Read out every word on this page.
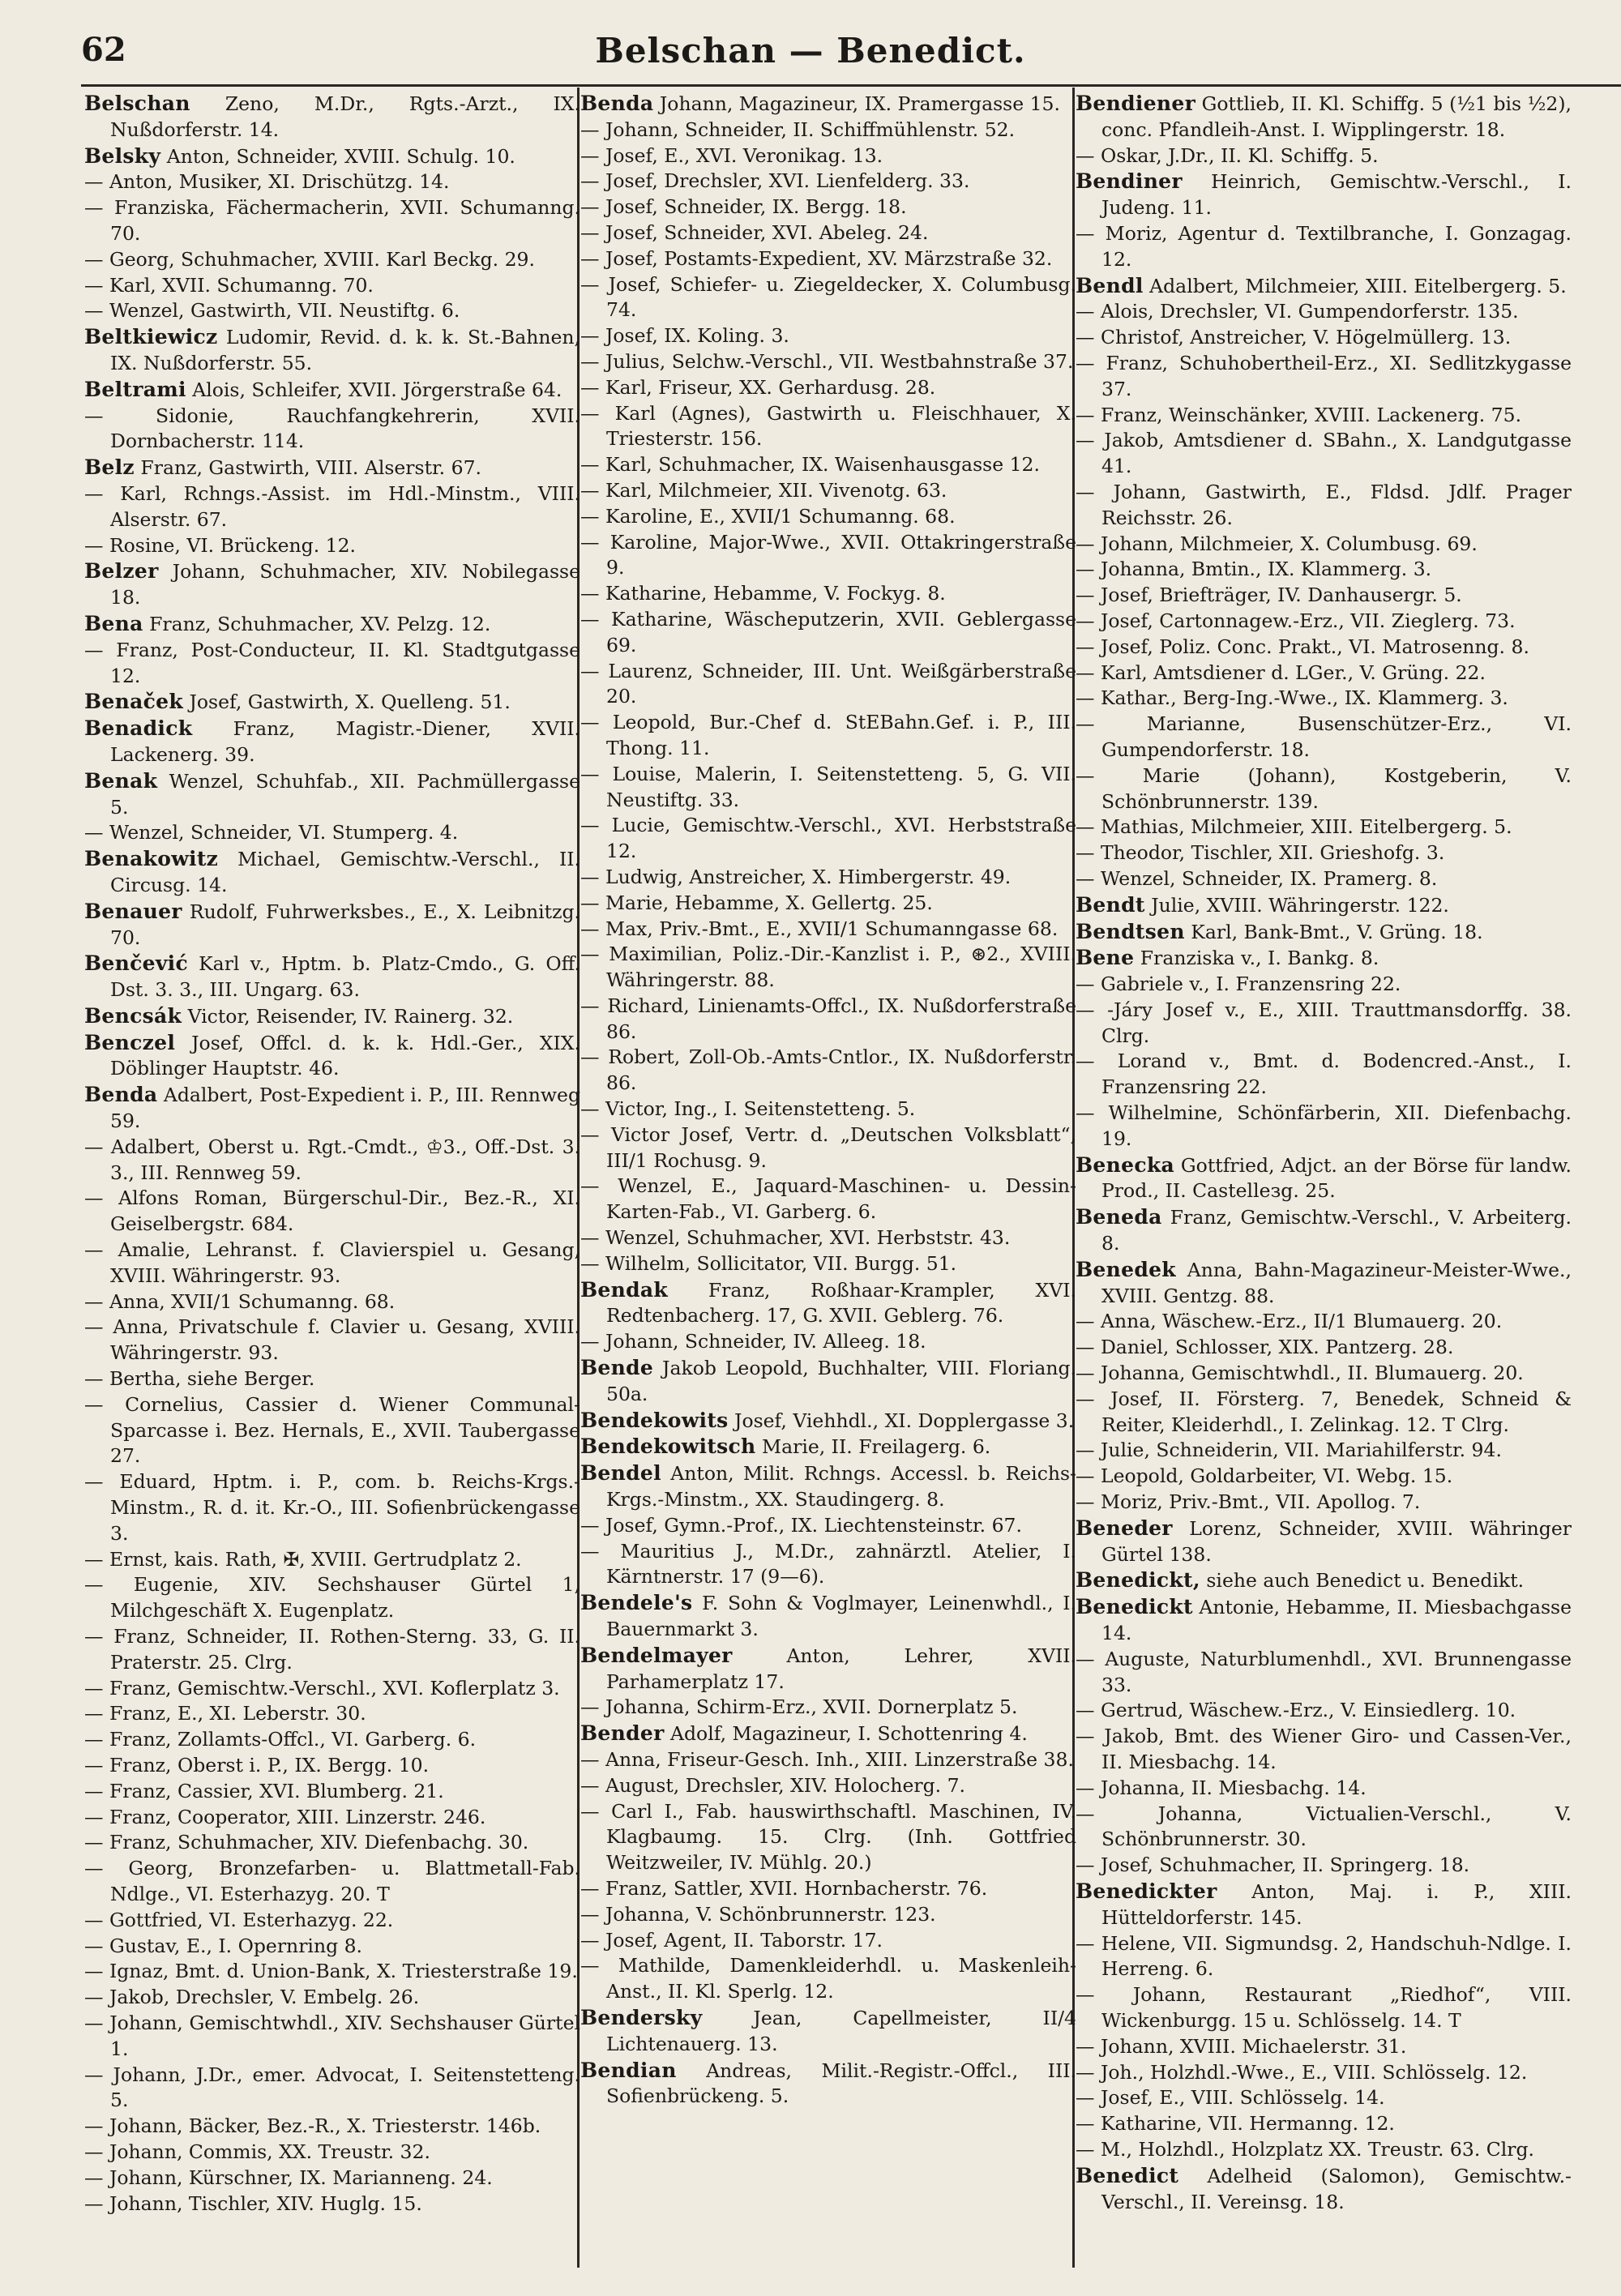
62	Belschan — Benedict.

Belschan Zeno, M.Dr., Rgts.-Arzt., IX. Nußdorferstr. 14.

Belsky Anton, Schneider, XVIII. Schulg. 10.

— Anton, Musiker, XI. Drischützg. 14.

— Franziska, Fächermacherin, XVII. Schumanng. 70.

— Georg, Schuhmacher, XVIII. Karl Beckg. 29.

— Karl, XVII. Schumanng. 70.

— Wenzel, Gastwirth, VII. Neustiftg. 6.

Beltkiewicz Ludomir, Revid. d. k. k. St.-Bahnen, IX. Nußdorferstr. 55.

Beltrami Alois, Schleifer, XVII. Jörgerstraße 64.

— Sidonie, Rauchfangkehrerin, XVII. Dornbacherstr. 114.

Belz Franz, Gastwirth, VIII. Alserstr. 67.

— Karl, Rchngs.-Assist. im Hdl.-Minstm., VIII. Alserstr. 67.

— Rosine, VI. Brückeng. 12.

Belzer Johann, Schuhmacher, XIV. Nobilegasse 18.

Bena Franz, Schuhmacher, XV. Pelzg. 12.

— Franz, Post-Conducteur, II. Kl. Stadtgutgasse 12.

Benaček Josef, Gastwirth, X. Quelleng. 51.

Benadick Franz, Magistr.-Diener, XVII. Lackenerg. 39.

Benak Wenzel, Schuhfab., XII. Pachmüllergasse 5.

— Wenzel, Schneider, VI. Stumperg. 4.

Benakowitz Michael, Gemischtw.-Verschl., II. Circusg. 14.

Benauer Rudolf, Fuhrwerksbes., E., X. Leibnitzg. 70.

Benčević Karl v., Hptm. b. Platz-Cmdo., G. Off. Dst. 3. 3., III. Ungarg. 63.

Bencsák Victor, Reisender, IV. Rainerg. 32.

Benczel Josef, Offcl. d. k. k. Hdl.-Ger., XIX. Döblinger Hauptstr. 46.

Benda Adalbert, Post-Expedient i. P., III. Rennweg 59.

— Adalbert, Oberst u. Rgt.-Cmdt., ♔3., Off.-Dst. 3. 3., III. Rennweg 59.

— Alfons Roman, Bürgerschul-Dir., Bez.-R., XI. Geiselbergstr. 684.

— Amalie, Lehranst. f. Clavierspiel u. Gesang, XVIII. Währingerstr. 93.

— Anna, XVII/1 Schumanng. 68.

— Anna, Privatschule f. Clavier u. Gesang, XVIII. Währingerstr. 93.

— Bertha, siehe Berger.

— Cornelius, Cassier d. Wiener Communal-Sparcasse i. Bez. Hernals, E., XVII. Taubergasse 27.

— Eduard, Hptm. i. P., com. b. Reichs-Krgs.-Minstm., R. d. it. Kr.-O., III. Sofienbrückengasse 3.

— Ernst, kais. Rath, ✠, XVIII. Gertrudplatz 2.

— Eugenie, XIV. Sechshauser Gürtel 1, Milchgeschäft X. Eugenplatz.

— Franz, Schneider, II. Rothen-Sterng. 33, G. II. Praterstr. 25. Clrg.

— Franz, Gemischtw.-Verschl., XVI. Koflerplatz 3.

— Franz, E., XI. Leberstr. 30.

— Franz, Zollamts-Offcl., VI. Garberg. 6.

— Franz, Oberst i. P., IX. Bergg. 10.

— Franz, Cassier, XVI. Blumberg. 21.

— Franz, Cooperator, XIII. Linzerstr. 246.

— Franz, Schuhmacher, XIV. Diefenbachg. 30.

— Georg, Bronzefarben- u. Blattmetall-Fab. Ndlge., VI. Esterhazyg. 20. T

— Gottfried, VI. Esterhazyg. 22.

— Gustav, E., I. Opernring 8.

— Ignaz, Bmt. d. Union-Bank, X. Triesterstraße 19.

— Jakob, Drechsler, V. Embelg. 26.

— Johann, Gemischtwhdl., XIV. Sechshauser Gürtel 1.

— Johann, J.Dr., emer. Advocat, I. Seitenstetteng. 5.

— Johann, Bäcker, Bez.-R., X. Triesterstr. 146b.

— Johann, Commis, XX. Treustr. 32.

— Johann, Kürschner, IX. Marianneng. 24.

— Johann, Tischler, XIV. Huglg. 15.

Benda Johann, Magazineur, IX. Pramergasse 15.

— Johann, Schneider, II. Schiffmühlenstr. 52.

— Josef, E., XVI. Veronikag. 13.

— Josef, Drechsler, XVI. Lienfelderg. 33.

— Josef, Schneider, IX. Bergg. 18.

— Josef, Schneider, XVI. Abeleg. 24.

— Josef, Postamts-Expedient, XV. Märzstraße 32.

— Josef, Schiefer- u. Ziegeldecker, X. Columbusg. 74.

— Josef, IX. Koling. 3.

— Julius, Selchw.-Verschl., VII. Westbahnstraße 37.

— Karl, Friseur, XX. Gerhardusg. 28.

— Karl (Agnes), Gastwirth u. Fleischhauer, X. Triesterstr. 156.

— Karl, Schuhmacher, IX. Waisenhausgasse 12.

— Karl, Milchmeier, XII. Vivenotg. 63.

— Karoline, E., XVII/1 Schumanng. 68.

— Karoline, Major-Wwe., XVII. Ottakringerstraße 9.

— Katharine, Hebamme, V. Fockyg. 8.

— Katharine, Wäscheputzerin, XVII. Geblergasse 69.

— Laurenz, Schneider, III. Unt. Weißgärberstraße 20.

— Leopold, Bur.-Chef d. StEBahn.Gef. i. P., III. Thong. 11.

— Louise, Malerin, I. Seitenstetteng. 5, G. VII. Neustiftg. 33.

— Lucie, Gemischtw.-Verschl., XVI. Herbststraße 12.

— Ludwig, Anstreicher, X. Himbergerstr. 49.

— Marie, Hebamme, X. Gellertg. 25.

— Max, Priv.-Bmt., E., XVII/1 Schumanngasse 68.

— Maximilian, Poliz.-Dir.-Kanzlist i. P., ⊛2., XVIII. Währingerstr. 88.

— Richard, Linienamts-Offcl., IX. Nußdorferstraße 86.

— Robert, Zoll-Ob.-Amts-Cntlor., IX. Nußdorferstr. 86.

— Victor, Ing., I. Seitenstetteng. 5.

— Victor Josef, Vertr. d. „Deutschen Volksblatt“, III/1 Rochusg. 9.

— Wenzel, E., Jaquard-Maschinen- u. Dessin-Karten-Fab., VI. Garberg. 6.

— Wenzel, Schuhmacher, XVI. Herbststr. 43.

— Wilhelm, Sollicitator, VII. Burgg. 51.

Bendak Franz, Roßhaar-Krampler, XVI. Redtenbacherg. 17, G. XVII. Geblerg. 76.

— Johann, Schneider, IV. Alleeg. 18.

Bende Jakob Leopold, Buchhalter, VIII. Floriang. 50a.

Bendekowits Josef, Viehhdl., XI. Dopplergasse 3.

Bendekowitsch Marie, II. Freilagerg. 6.

Bendel Anton, Milit. Rchngs. Accessl. b. Reichs-Krgs.-Minstm., XX. Staudingerg. 8.

— Josef, Gymn.-Prof., IX. Liechtensteinstr. 67.

— Mauritius J., M.Dr., zahnärztl. Atelier, I. Kärntnerstr. 17 (9—6).

Bendele's F. Sohn & Voglmayer, Leinenwhdl., I. Bauernmarkt 3.

Bendelmayer Anton, Lehrer, XVII. Parhamerplatz 17.

— Johanna, Schirm-Erz., XVII. Dornerplatz 5.

Bender Adolf, Magazineur, I. Schottenring 4.

— Anna, Friseur-Gesch. Inh., XIII. Linzerstraße 38.

— August, Drechsler, XIV. Holocherg. 7.

— Carl I., Fab. hauswirthschaftl. Maschinen, IV. Klagbaumg. 15. Clrg. (Inh. Gottfried Weitzweiler, IV. Mühlg. 20.)

— Franz, Sattler, XVII. Hornbacherstr. 76.

— Johanna, V. Schönbrunnerstr. 123.

— Josef, Agent, II. Taborstr. 17.

— Mathilde, Damenkleiderhdl. u. Maskenleih-Anst., II. Kl. Sperlg. 12.

Bendersky Jean, Capellmeister, II/4 Lichtenauerg. 13.

Bendian Andreas, Milit.-Registr.-Offcl., III. Sofienbrückeng. 5.

Bendiener Gottlieb, II. Kl. Schiffg. 5 (½1 bis ½2), conc. Pfandleih-Anst. I. Wipplingerstr. 18.

— Oskar, J.Dr., II. Kl. Schiffg. 5.

Bendiner Heinrich, Gemischtw.-Verschl., I. Judeng. 11.

— Moriz, Agentur d. Textilbranche, I. Gonzagag. 12.

Bendl Adalbert, Milchmeier, XIII. Eitelbergerg. 5.

— Alois, Drechsler, VI. Gumpendorferstr. 135.

— Christof, Anstreicher, V. Högelmüllerg. 13.

— Franz, Schuhobertheil-Erz., XI. Sedlitzkygasse 37.

— Franz, Weinschänker, XVIII. Lackenerg. 75.

— Jakob, Amtsdiener d. SBahn., X. Landgutgasse 41.

— Johann, Gastwirth, E., Fldsd. Jdlf. Prager Reichsstr. 26.

— Johann, Milchmeier, X. Columbusg. 69.

— Johanna, Bmtin., IX. Klammerg. 3.

— Josef, Briefträger, IV. Danhausergr. 5.

— Josef, Cartonnagew.-Erz., VII. Zieglerg. 73.

— Josef, Poliz. Conc. Prakt., VI. Matrosenng. 8.

— Karl, Amtsdiener d. LGer., V. Grüng. 22.

— Kathar., Berg-Ing.-Wwe., IX. Klammerg. 3.

— Marianne, Busenschützer-Erz., VI. Gumpendorferstr. 18.

— Marie (Johann), Kostgeberin, V. Schönbrunnerstr. 139.

— Mathias, Milchmeier, XIII. Eitelbergerg. 5.

— Theodor, Tischler, XII. Grieshofg. 3.

— Wenzel, Schneider, IX. Pramerg. 8.

Bendt Julie, XVIII. Währingerstr. 122.

Bendtsen Karl, Bank-Bmt., V. Grüng. 18.

Bene Franziska v., I. Bankg. 8.

— Gabriele v., I. Franzensring 22.

— -Járy Josef v., E., XIII. Trauttmansdorffg. 38. Clrg.

— Lorand v., Bmt. d. Bodencred.-Anst., I. Franzensring 22.

— Wilhelmine, Schönfärberin, XII. Diefenbachg. 19.

Benecka Gottfried, Adjct. an der Börse für landw. Prod., II. Castelleзg. 25.

Beneda Franz, Gemischtw.-Verschl., V. Arbeiterg. 8.

Benedek Anna, Bahn-Magazineur-Meister-Wwe., XVIII. Gentzg. 88.

— Anna, Wäschew.-Erz., II/1 Blumauerg. 20.

— Daniel, Schlosser, XIX. Pantzerg. 28.

— Johanna, Gemischtwhdl., II. Blumauerg. 20.

— Josef, II. Försterg. 7, Benedek, Schneid & Reiter, Kleiderhdl., I. Zelinkag. 12. T Clrg.

— Julie, Schneiderin, VII. Mariahilferstr. 94.

— Leopold, Goldarbeiter, VI. Webg. 15.

— Moriz, Priv.-Bmt., VII. Apollog. 7.

Beneder Lorenz, Schneider, XVIII. Währinger Gürtel 138.

Benedickt, siehe auch Benedict u. Benedikt.

Benedickt Antonie, Hebamme, II. Miesbachgasse 14.

— Auguste, Naturblumenhdl., XVI. Brunnengasse 33.

— Gertrud, Wäschew.-Erz., V. Einsiedlerg. 10.

— Jakob, Bmt. des Wiener Giro- und Cassen-Ver., II. Miesbachg. 14.

— Johanna, II. Miesbachg. 14.

— Johanna, Victualien-Verschl., V. Schönbrunnerstr. 30.

— Josef, Schuhmacher, II. Springerg. 18.

Benedickter Anton, Maj. i. P., XIII. Hütteldorferstr. 145.

— Helene, VII. Sigmundsg. 2, Handschuh-Ndlge. I. Herreng. 6.

— Johann, Restaurant „Riedhof“, VIII. Wickenburgg. 15 u. Schlösselg. 14. T

— Johann, XVIII. Michaelerstr. 31.

— Joh., Holzhdl.-Wwe., E., VIII. Schlösselg. 12.

— Josef, E., VIII. Schlösselg. 14.

— Katharine, VII. Hermanng. 12.

— M., Holzhdl., Holzplatz XX. Treustr. 63. Clrg.

Benedict Adelheid (Salomon), Gemischtw.-Verschl., II. Vereinsg. 18.
